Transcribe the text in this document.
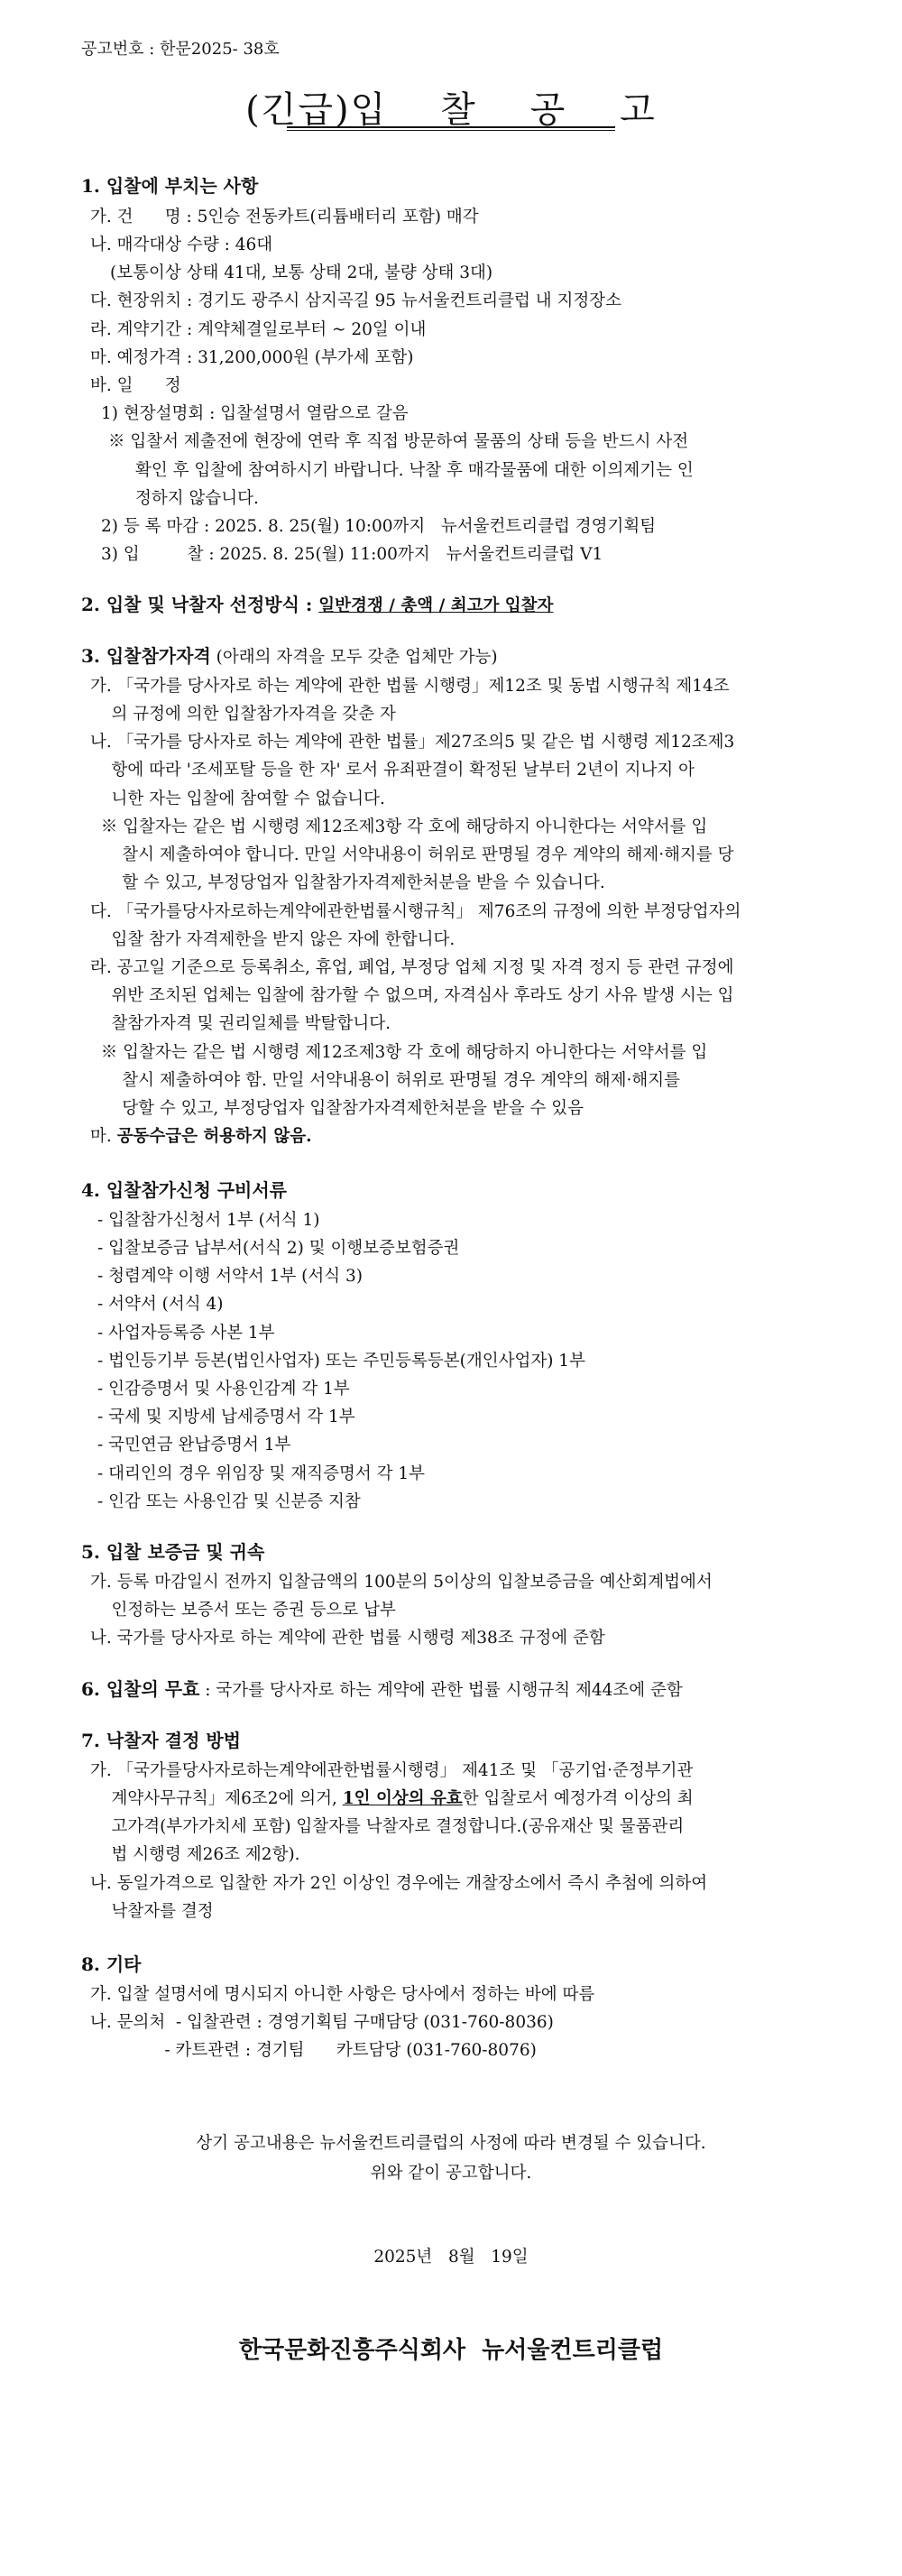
공고번호 : 한문2025- 38호
(긴급)입    찰    공    고
1. 입찰에 부치는 사항
가. 건      명 : 5인승 전동카트(리튬배터리 포함) 매각
나. 매각대상 수량 : 46대
(보통이상 상태 41대, 보통 상태 2대, 불량 상태 3대)
다. 현장위치 : 경기도 광주시 삼지곡길 95 뉴서울컨트리클럽 내 지정장소
라. 계약기간 : 계약체결일로부터 ~ 20일 이내
마. 예정가격 : 31,200,000원 (부가세 포함)
바. 일      정
1) 현장설명회 : 입찰설명서 열람으로 갈음
※ 입찰서 제출전에 현장에 연락 후 직접 방문하여 물품의 상태 등을 반드시 사전
확인 후 입찰에 참여하시기 바랍니다. 낙찰 후 매각물품에 대한 이의제기는 인
정하지 않습니다.
2) 등 록 마감 : 2025. 8. 25(월) 10:00까지   뉴서울컨트리클럽 경영기획팀
3) 입         찰 : 2025. 8. 25(월) 11:00까지   뉴서울컨트리클럽 V1
2. 입찰 및 낙찰자 선정방식 : 일반경쟁 / 총액 / 최고가 입찰자
3. 입찰참가자격 (아래의 자격을 모두 갖춘 업체만 가능)
가. 「국가를 당사자로 하는 계약에 관한 법률 시행령」제12조 및 동법 시행규칙 제14조
의 규정에 의한 입찰참가자격을 갖춘 자
나. 「국가를 당사자로 하는 계약에 관한 법률」제27조의5 및 같은 법 시행령 제12조제3
항에 따라 '조세포탈 등을 한 자' 로서 유죄판결이 확정된 날부터 2년이 지나지 아
니한 자는 입찰에 참여할 수 없습니다.
※ 입찰자는 같은 법 시행령 제12조제3항 각 호에 해당하지 아니한다는 서약서를 입
찰시 제출하여야 합니다. 만일 서약내용이 허위로 판명될 경우 계약의 해제·해지를 당
할 수 있고, 부정당업자 입찰참가자격제한처분을 받을 수 있습니다.
다. 「국가를당사자로하는계약에관한법률시행규칙」 제76조의 규정에 의한 부정당업자의
입찰 참가 자격제한을 받지 않은 자에 한합니다.
라. 공고일 기준으로 등록취소, 휴업, 폐업, 부정당 업체 지정 및 자격 정지 등 관련 규정에
위반 조치된 업체는 입찰에 참가할 수 없으며, 자격심사 후라도 상기 사유 발생 시는 입
찰참가자격 및 권리일체를 박탈합니다.
※ 입찰자는 같은 법 시행령 제12조제3항 각 호에 해당하지 아니한다는 서약서를 입
찰시 제출하여야 함. 만일 서약내용이 허위로 판명될 경우 계약의 해제·해지를
당할 수 있고, 부정당업자 입찰참가자격제한처분을 받을 수 있음
마. 공동수급은 허용하지 않음.
4. 입찰참가신청 구비서류
- 입찰참가신청서 1부 (서식 1)
- 입찰보증금 납부서(서식 2) 및 이행보증보험증권
- 청렴계약 이행 서약서 1부 (서식 3)
- 서약서 (서식 4)
- 사업자등록증 사본 1부
- 법인등기부 등본(법인사업자) 또는 주민등록등본(개인사업자) 1부
- 인감증명서 및 사용인감계 각 1부
- 국세 및 지방세 납세증명서 각 1부
- 국민연금 완납증명서 1부
- 대리인의 경우 위임장 및 재직증명서 각 1부
- 인감 또는 사용인감 및 신분증 지참
5. 입찰 보증금 및 귀속
가. 등록 마감일시 전까지 입찰금액의 100분의 5이상의 입찰보증금을 예산회계법에서
인정하는 보증서 또는 증권 등으로 납부
나. 국가를 당사자로 하는 계약에 관한 법률 시행령 제38조 규정에 준함
6. 입찰의 무효 : 국가를 당사자로 하는 계약에 관한 법률 시행규칙 제44조에 준함
7. 낙찰자 결정 방법
가. 「국가를당사자로하는계약에관한법률시행령」 제41조 및 「공기업·준정부기관
계약사무규칙」제6조2에 의거, 1인 이상의 유효한 입찰로서 예정가격 이상의 최
고가격(부가가치세 포함) 입찰자를 낙찰자로 결정합니다.(공유재산 및 물품관리
법 시행령 제26조 제2항).
나. 동일가격으로 입찰한 자가 2인 이상인 경우에는 개찰장소에서 즉시 추첨에 의하여
낙찰자를 결정
8. 기타
가. 입찰 설명서에 명시되지 아니한 사항은 당사에서 정하는 바에 따름
나. 문의처  - 입찰관련 : 경영기획팀 구매담당 (031-760-8036)
- 카트관련 : 경기팀      카트담당 (031-760-8076)
상기 공고내용은 뉴서울컨트리클럽의 사정에 따라 변경될 수 있습니다.
위와 같이 공고합니다.
2025년   8월   19일
한국문화진흥주식회사  뉴서울컨트리클럽
